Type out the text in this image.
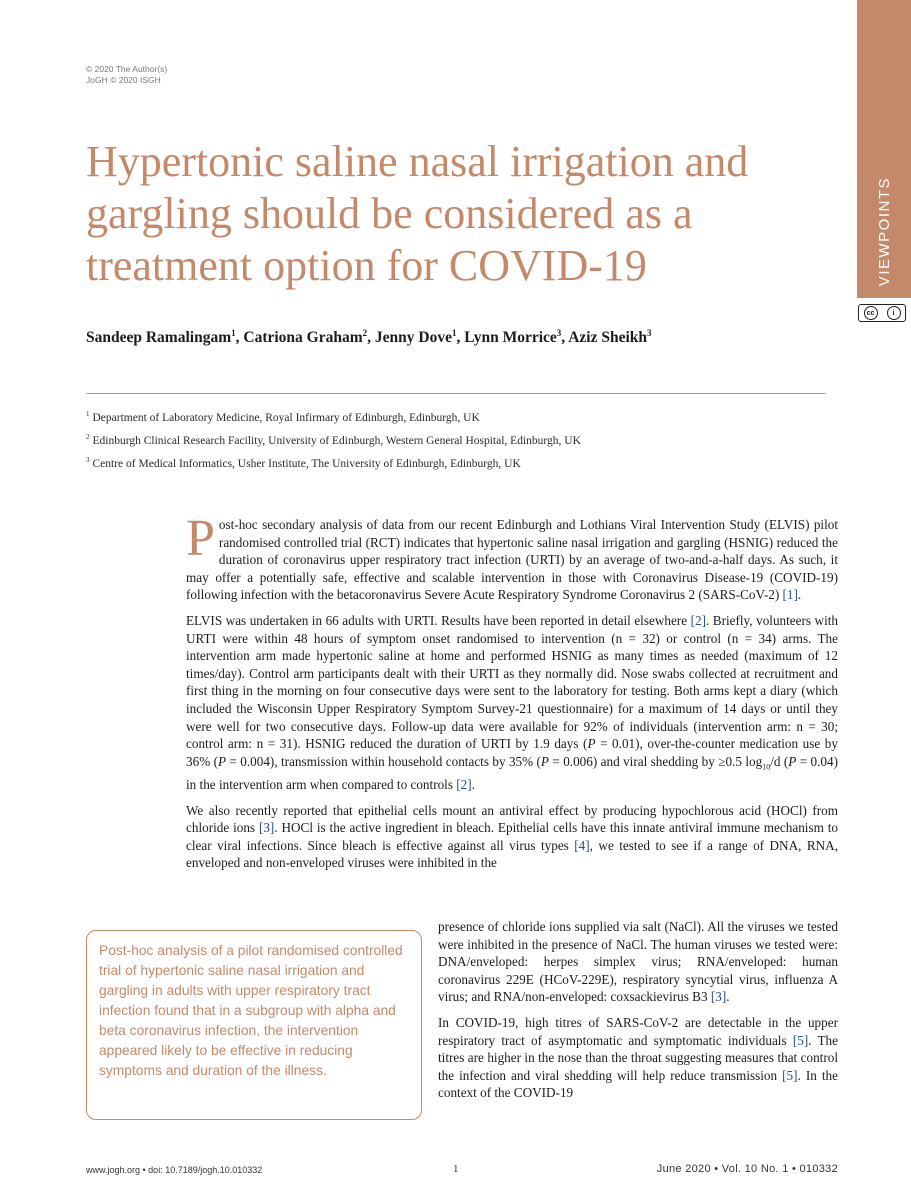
VIEWPOINTS
cc	i
© 2020 The Author(s)
JoGH © 2020 ISGH
Hypertonic saline nasal irrigation and gargling should be considered as a treatment option for COVID-19
Sandeep Ramalingam$^1$, Catriona Graham$^2$, Jenny Dove$^1$, Lynn Morrice$^3$, Aziz Sheikh$^3$
$^1$ Department of Laboratory Medicine, Royal Infirmary of Edinburgh, Edinburgh, UK
$^2$ Edinburgh Clinical Research Facility, University of Edinburgh, Western General Hospital, Edinburgh, UK
$^3$ Centre of Medical Informatics, Usher Institute, The University of Edinburgh, Edinburgh, UK

Post-hoc secondary analysis of data from our recent Edinburgh and Lothians Viral Intervention Study (ELVIS) pilot randomised controlled trial (RCT) indicates that hypertonic saline nasal irrigation and gargling (HSNIG) reduced the duration of coronavirus upper respiratory tract infection (URTI) by an average of two-and-a-half days. As such, it may offer a potentially safe, effective and scalable intervention in those with Coronavirus Disease-19 (COVID-19) following infection with the betacoronavirus Severe Acute Respiratory Syndrome Coronavirus 2 (SARS-CoV-2) [1].

ELVIS was undertaken in 66 adults with URTI. Results have been reported in detail elsewhere [2]. Briefly, volunteers with URTI were within 48 hours of symptom onset randomised to intervention (n = 32) or control (n = 34) arms. The intervention arm made hypertonic saline at home and performed HSNIG as many times as needed (maximum of 12 times/day). Control arm participants dealt with their URTI as they normally did. Nose swabs collected at recruitment and first thing in the morning on four consecutive days were sent to the laboratory for testing. Both arms kept a diary (which included the Wisconsin Upper Respiratory Symptom Survey-21 questionnaire) for a maximum of 14 days or until they were well for two consecutive days. Follow-up data were available for 92% of individuals (intervention arm: n = 30; control arm: n = 31). HSNIG reduced the duration of URTI by 1.9 days (P = 0.01), over-the-counter medication use by 36% (P = 0.004), transmission within household contacts by 35% (P = 0.006) and viral shedding by ≥0.5 $\log_{10}/d$ (P = 0.04) in the intervention arm when compared to controls [2].

We also recently reported that epithelial cells mount an antiviral effect by producing hypochlorous acid (HOCl) from chloride ions [3]. HOCl is the active ingredient in bleach. Epithelial cells have this innate antiviral immune mechanism to clear viral infections. Since bleach is effective against all virus types [4], we tested to see if a range of DNA, RNA, enveloped and non-enveloped viruses were inhibited in the

presence of chloride ions supplied via salt (NaCl). All the viruses we tested were inhibited in the presence of NaCl. The human viruses we tested were: DNA/enveloped: herpes simplex virus; RNA/enveloped: human coronavirus 229E (HCoV-229E), respiratory syncytial virus, influenza A virus; and RNA/non-enveloped: coxsackievirus B3 [3].

In COVID-19, high titres of SARS-CoV-2 are detectable in the upper respiratory tract of asymptomatic and symptomatic individuals [5]. The titres are higher in the nose than the throat suggesting measures that control the infection and viral shedding will help reduce transmission [5]. In the context of the COVID-19

Post-hoc analysis of a pilot randomised controlled trial of hypertonic saline nasal irrigation and gargling in adults with upper respiratory tract infection found that in a subgroup with alpha and beta coronavirus infection, the intervention appeared likely to be effective in reducing symptoms and duration of the illness.
www.jogh.org • doi: 10.7189/jogh.10.010332	1	June 2020 • Vol. 10 No. 1 • 010332
